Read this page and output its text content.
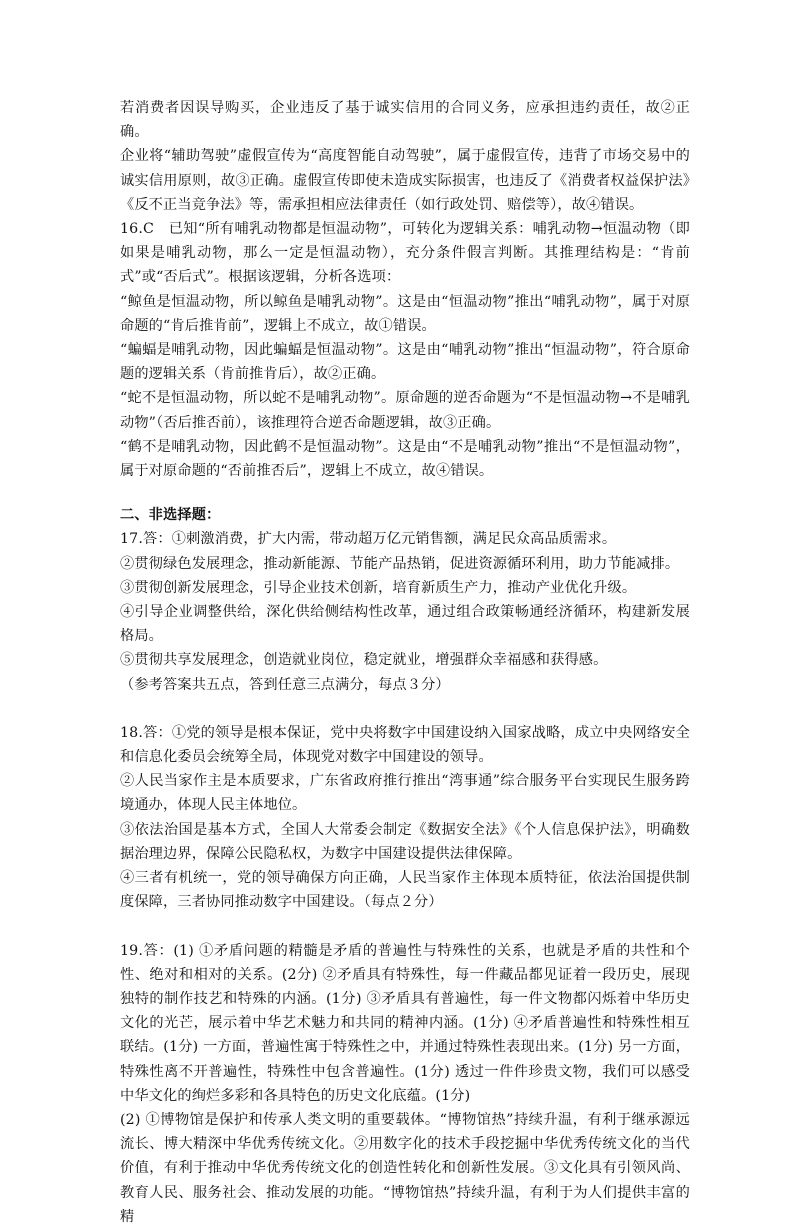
若消费者因误导购买，企业违反了基于诚实信用的合同义务，应承担违约责任，故②正确。

企业将“辅助驾驶”虚假宣传为“高度智能自动驾驶”，属于虚假宣传，违背了市场交易中的诚实信用原则，故③正确。虚假宣传即使未造成实际损害，也违反了《消费者权益保护法》《反不正当竞争法》等，需承担相应法律责任（如行政处罚、赔偿等），故④错误。

16.C　已知“所有哺乳动物都是恒温动物”，可转化为逻辑关系：哺乳动物→恒温动物（即如果是哺乳动物，那么一定是恒温动物），充分条件假言判断。其推理结构是：“肯前式”或“否后式”。根据该逻辑，分析各选项：

“鲸鱼是恒温动物，所以鲸鱼是哺乳动物”。这是由“恒温动物”推出“哺乳动物”，属于对原命题的“肯后推肯前”，逻辑上不成立，故①错误。

“蝙蝠是哺乳动物，因此蝙蝠是恒温动物”。这是由“哺乳动物”推出“恒温动物”，符合原命题的逻辑关系（肯前推肯后），故②正确。

“蛇不是恒温动物，所以蛇不是哺乳动物”。原命题的逆否命题为“不是恒温动物→不是哺乳动物”（否后推否前），该推理符合逆否命题逻辑，故③正确。

“鹤不是哺乳动物，因此鹤不是恒温动物”。这是由“不是哺乳动物”推出“不是恒温动物”，属于对原命题的“否前推否后”，逻辑上不成立，故④错误。

二、非选择题：

17.答：①刺激消费，扩大内需，带动超万亿元销售额，满足民众高品质需求。

②贯彻绿色发展理念，推动新能源、节能产品热销，促进资源循环利用，助力节能减排。

③贯彻创新发展理念，引导企业技术创新，培育新质生产力，推动产业优化升级。

④引导企业调整供给，深化供给侧结构性改革，通过组合政策畅通经济循环，构建新发展格局。

⑤贯彻共享发展理念，创造就业岗位，稳定就业，增强群众幸福感和获得感。

（参考答案共五点，答到任意三点满分，每点３分）

18.答：①党的领导是根本保证，党中央将数字中国建设纳入国家战略，成立中央网络安全和信息化委员会统筹全局，体现党对数字中国建设的领导。

②人民当家作主是本质要求，广东省政府推行推出“湾事通”综合服务平台实现民生服务跨境通办，体现人民主体地位。

③依法治国是基本方式，全国人大常委会制定《数据安全法》《个人信息保护法》，明确数据治理边界，保障公民隐私权，为数字中国建设提供法律保障。

④三者有机统一，党的领导确保方向正确，人民当家作主体现本质特征，依法治国提供制度保障，三者协同推动数字中国建设。（每点２分）

19.答：(1) ①矛盾问题的精髓是矛盾的普遍性与特殊性的关系，也就是矛盾的共性和个性、绝对和相对的关系。(2分) ②矛盾具有特殊性，每一件藏品都见证着一段历史，展现独特的制作技艺和特殊的内涵。(1分) ③矛盾具有普遍性，每一件文物都闪烁着中华历史文化的光芒，展示着中华艺术魅力和共同的精神内涵。(1分) ④矛盾普遍性和特殊性相互联结。(1分) 一方面，普遍性寓于特殊性之中，并通过特殊性表现出来。(1分) 另一方面，特殊性离不开普遍性，特殊性中包含普遍性。(1分) 透过一件件珍贵文物，我们可以感受中华文化的绚烂多彩和各具特色的历史文化底蕴。(1分)

(2) ①博物馆是保护和传承人类文明的重要载体。“博物馆热”持续升温，有利于继承源远流长、博大精深中华优秀传统文化。②用数字化的技术手段挖掘中华优秀传统文化的当代价值，有利于推动中华优秀传统文化的创造性转化和创新性发展。③文化具有引领风尚、教育人民、服务社会、推动发展的功能。“博物馆热”持续升温，有利于为人们提供丰富的精
